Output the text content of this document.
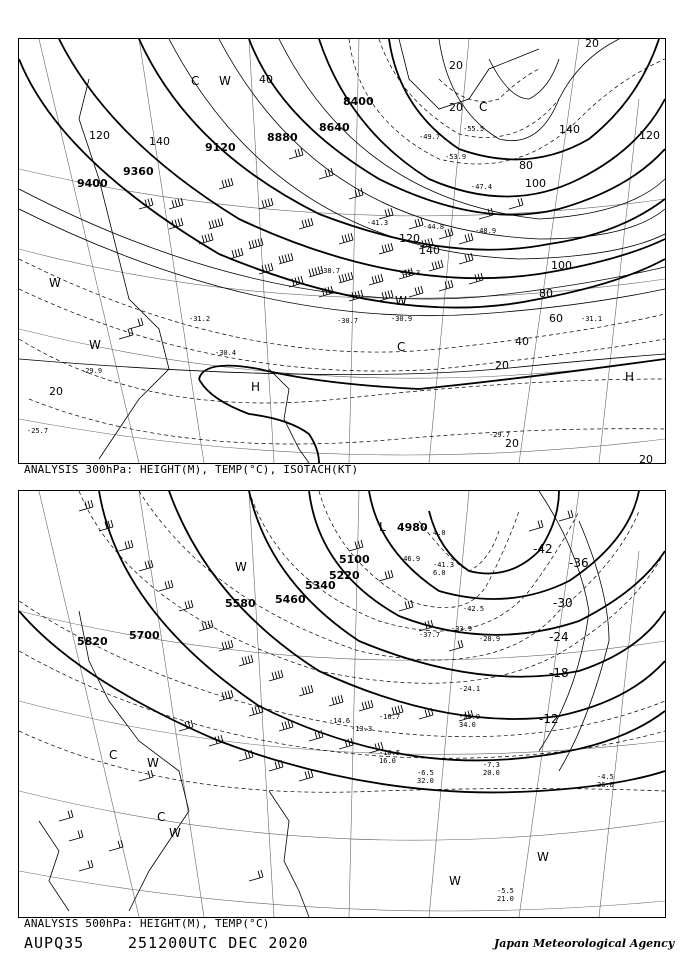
9400
9360
9120
8880
8640
8400
120	140
20
20
40
60
80
100
120
140
80
100
120
140
40
20
20
20
20
20
C
C
W
H
H
C
W
W
W
-31.2
-30.4
-30.7	-30.9	-31.1
-29.7
-29.9
-41.3	-44.8	-48.9
-53.9
-55.5
-49.7
-47.4
-38.7	-35.3
-25.7
ANALYSIS 300hPa: HEIGHT(M), TEMP(°C), ISOTACH(KT)
5700
5580 5460
5340
5220
5100
4980
5820
-42
-36
-30
-24
-18
-12
C
C
W
W
W
W
W
L
-4.5
-7.3
-6.5
-5.5
-10.5
-13.3
-14.6	-16.7	-20.9
-24.1
-28.9
-33.9
-37.7
-41.3
-42.5
-46.9
26.0
20.0
32.0
21.0
34.0
16.0
6.0
4.0
ANALYSIS 500hPa: HEIGHT(M), TEMP(°C)
AUPQ35	251200UTC DEC 2020	Japan Meteorological Agency
